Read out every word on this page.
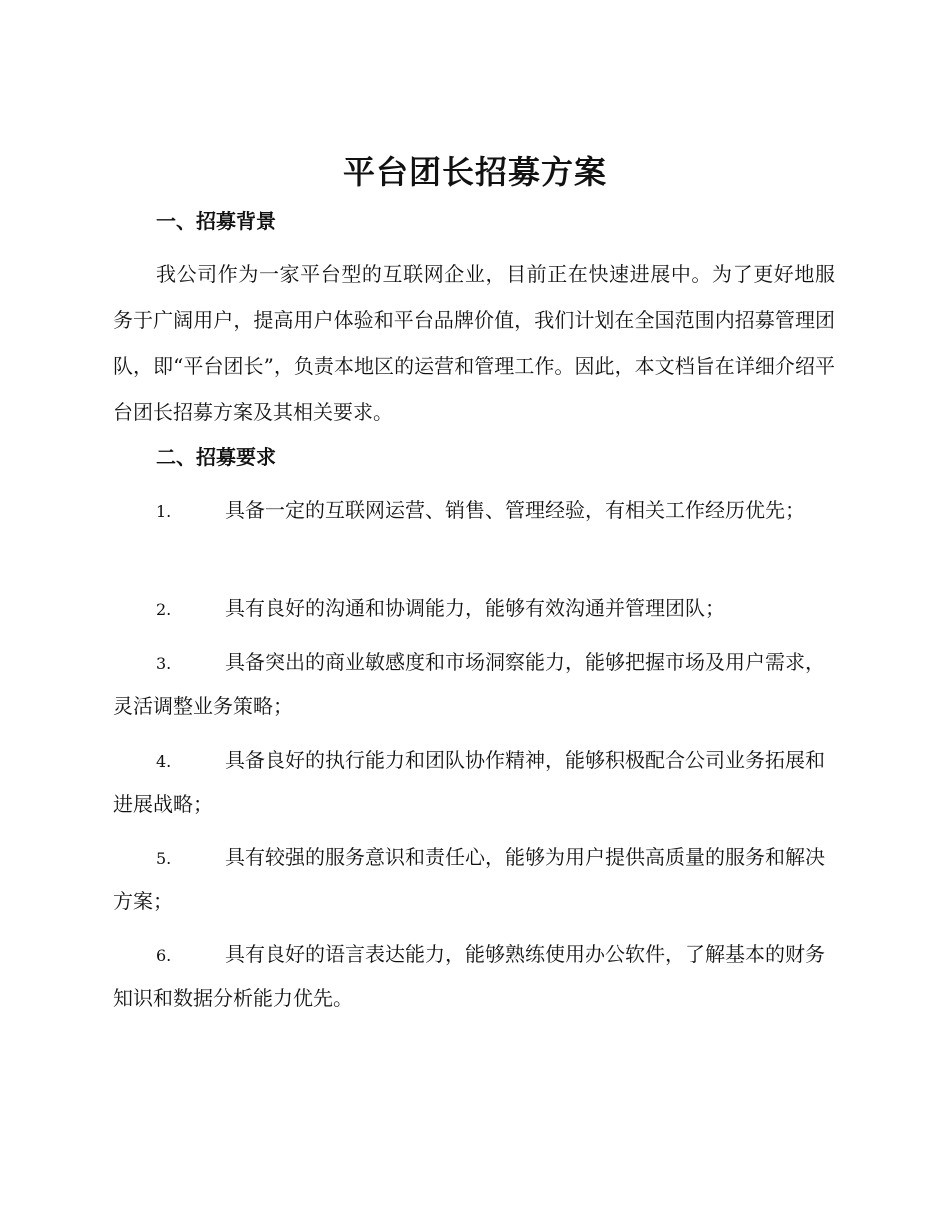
平台团长招募方案
一、招募背景

我公司作为一家平台型的互联网企业，目前正在快速进展中。为了更好地服务于广阔用户，提高用户体验和平台品牌价值，我们计划在全国范围内招募管理团队，即“平台团长”，负责本地区的运营和管理工作。因此，本文档旨在详细介绍平台团长招募方案及其相关要求。

二、招募要求

1.	具备一定的互联网运营、销售、管理经验，有相关工作经历优先；

2.	具有良好的沟通和协调能力，能够有效沟通并管理团队；

3.	具备突出的商业敏感度和市场洞察能力，能够把握市场及用户需求，灵活调整业务策略；

4.	具备良好的执行能力和团队协作精神，能够积极配合公司业务拓展和进展战略；

5.	具有较强的服务意识和责任心，能够为用户提供高质量的服务和解决方案；

6.	具有良好的语言表达能力，能够熟练使用办公软件，了解基本的财务知识和数据分析能力优先。
